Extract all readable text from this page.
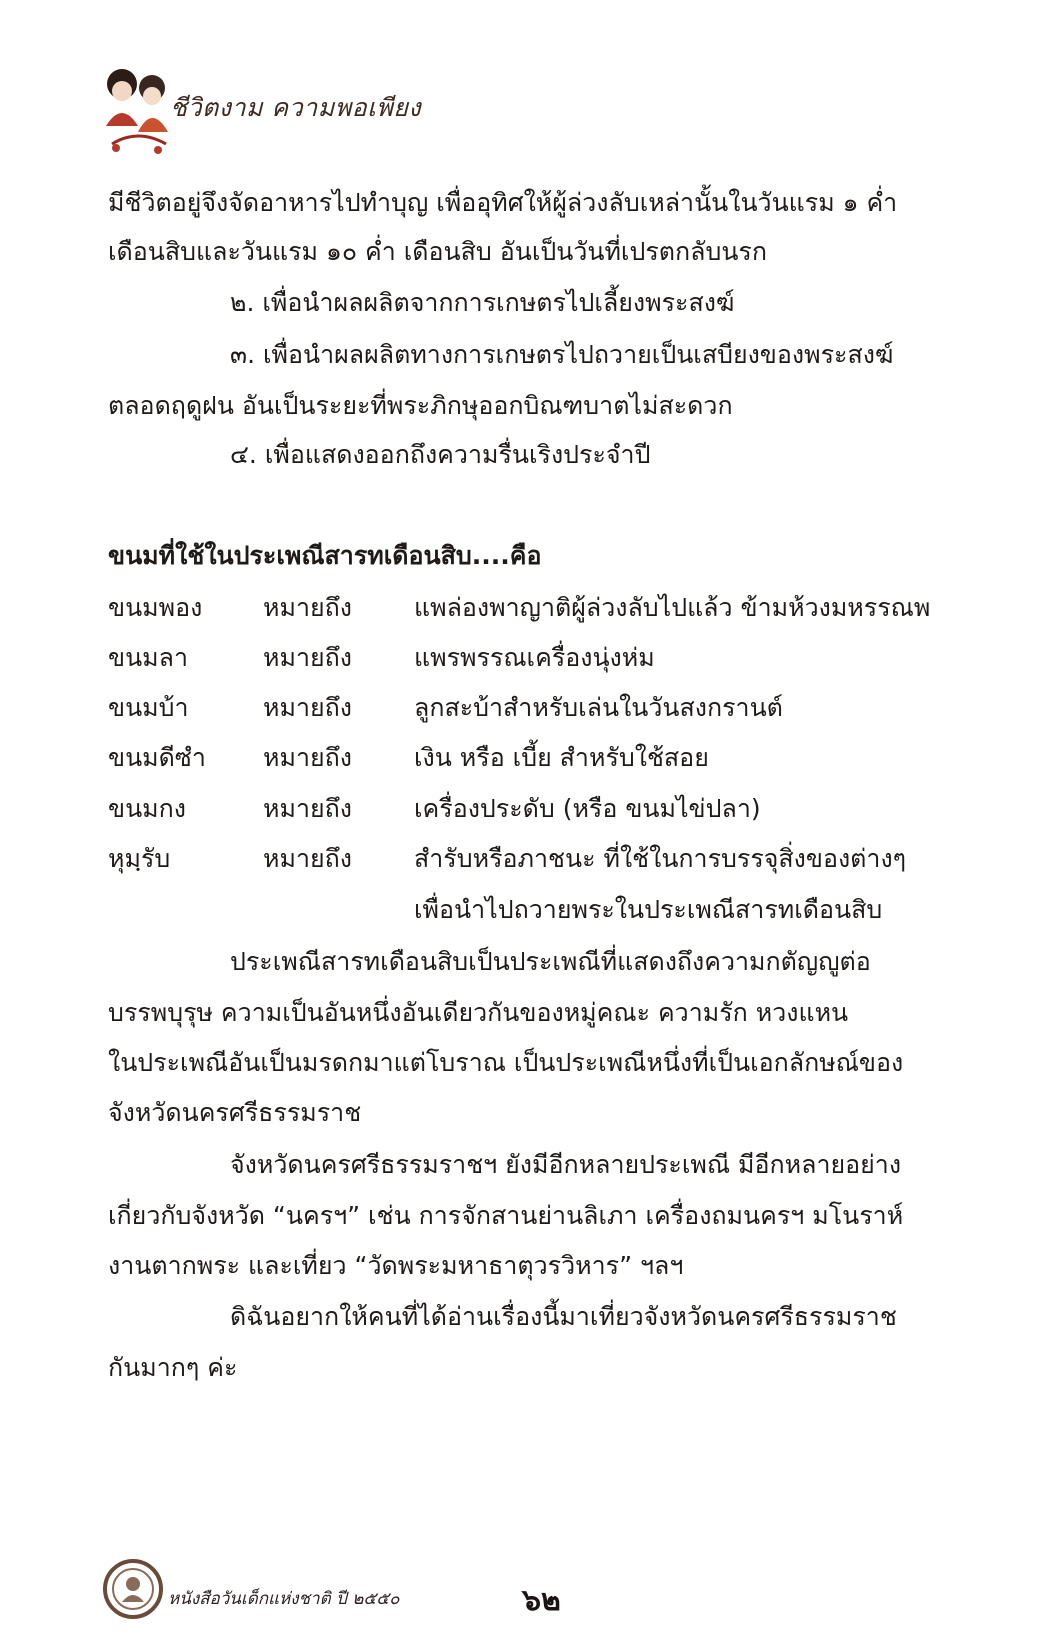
ชีวิตงาม ความพอเพียง
มีชีวิตอยู่จึงจัดอาหารไปทำบุญ เพื่ออุทิศให้ผู้ล่วงลับเหล่านั้นในวันแรม ๑ ค่ำ
เดือนสิบและวันแรม ๑๐ ค่ำ เดือนสิบ อันเป็นวันที่เปรตกลับนรก
๒. เพื่อนำผลผลิตจากการเกษตรไปเลี้ยงพระสงฆ์
๓. เพื่อนำผลผลิตทางการเกษตรไปถวายเป็นเสบียงของพระสงฆ์
ตลอดฤดูฝน อันเป็นระยะที่พระภิกษุออกบิณฑบาตไม่สะดวก
๔. เพื่อแสดงออกถึงความรื่นเริงประจำปี
ขนมที่ใช้ในประเพณีสารทเดือนสิบ....คือ
ขนมพอง หมายถึง แพล่องพาญาติผู้ล่วงลับไปแล้ว ข้ามห้วงมหรรณพ
ขนมลา	หมายถึง แพรพรรณเครื่องนุ่งห่ม
ขนมบ้า	หมายถึง ลูกสะบ้าสำหรับเล่นในวันสงกรานต์
ขนมดีซำ หมายถึง เงิน หรือ เบี้ย สำหรับใช้สอย
ขนมกง	หมายถึง เครื่องประดับ (หรือ ขนมไข่ปลา)
หุมฺรับ	หมายถึง สำรับหรือภาชนะ ที่ใช้ในการบรรจุสิ่งของต่างๆ
เพื่อนำไปถวายพระในประเพณีสารทเดือนสิบ
ประเพณีสารทเดือนสิบเป็นประเพณีที่แสดงถึงความกตัญญูต่อ
บรรพบุรุษ ความเป็นอันหนึ่งอันเดียวกันของหมู่คณะ ความรัก หวงแหน
ในประเพณีอันเป็นมรดกมาแต่โบราณ เป็นประเพณีหนึ่งที่เป็นเอกลักษณ์ของ
จังหวัดนครศรีธรรมราช
จังหวัดนครศรีธรรมราชฯ ยังมีอีกหลายประเพณี มีอีกหลายอย่าง
เกี่ยวกับจังหวัด “นครฯ” เช่น การจักสานย่านลิเภา เครื่องถมนครฯ มโนราห์
งานตากพระ และเที่ยว “วัดพระมหาธาตุวรวิหาร” ฯลฯ
ดิฉันอยากให้คนที่ได้อ่านเรื่องนี้มาเที่ยวจังหวัดนครศรีธรรมราช
กันมากๆ ค่ะ
หนังสือวันเด็กแห่งชาติ ปี ๒๕๕๐	๖๒
